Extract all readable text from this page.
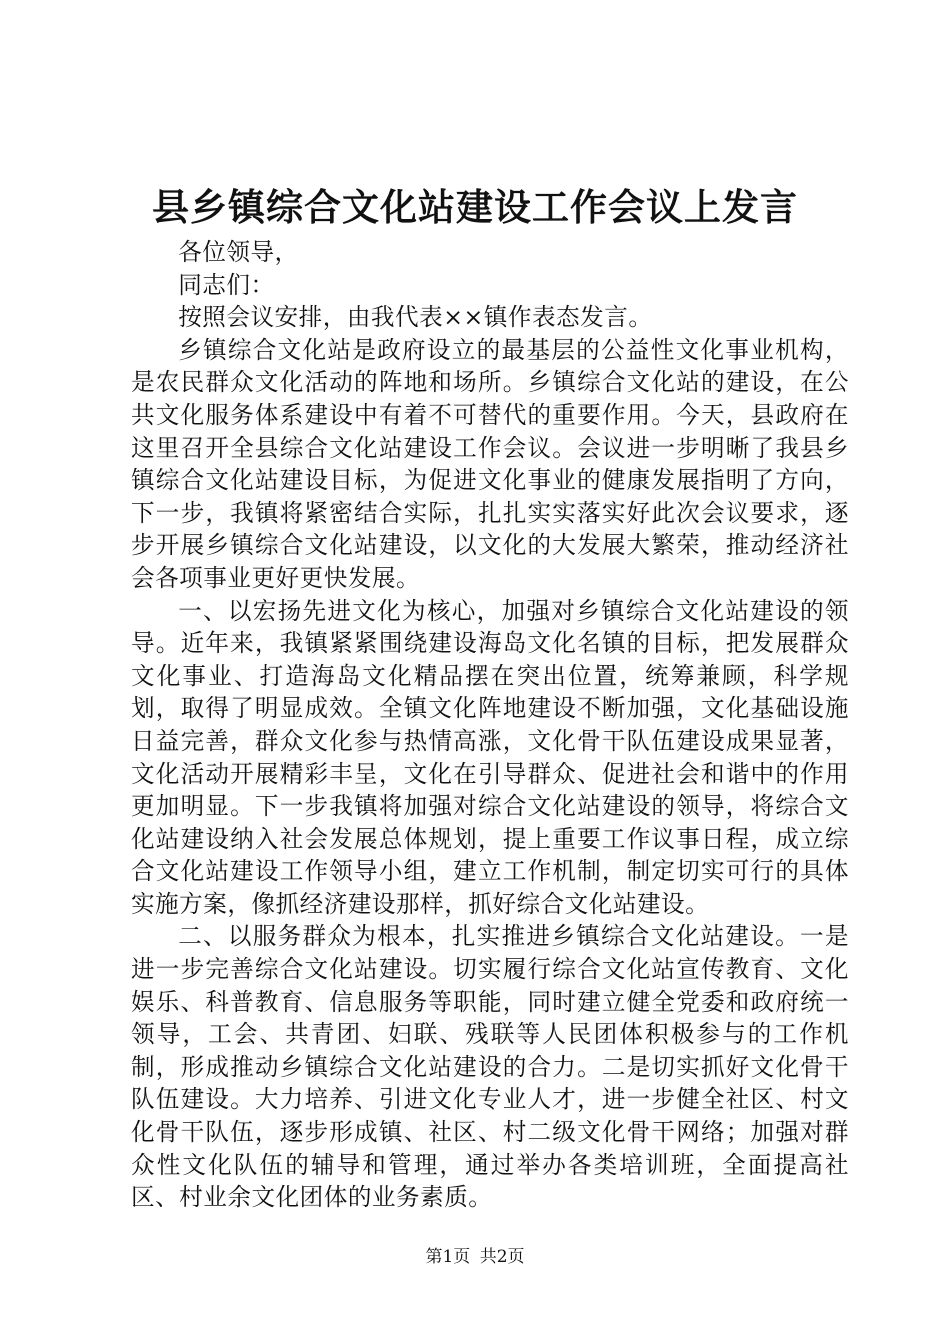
县乡镇综合文化站建设工作会议上发言

各位领导，

同志们：

按照会议安排，由我代表××镇作表态发言。

乡镇综合文化站是政府设立的最基层的公益性文化事业机构，是农民群众文化活动的阵地和场所。乡镇综合文化站的建设，在公共文化服务体系建设中有着不可替代的重要作用。今天，县政府在这里召开全县综合文化站建设工作会议。会议进一步明晰了我县乡镇综合文化站建设目标，为促进文化事业的健康发展指明了方向，下一步，我镇将紧密结合实际，扎扎实实落实好此次会议要求，逐步开展乡镇综合文化站建设，以文化的大发展大繁荣，推动经济社会各项事业更好更快发展。

一、以宏扬先进文化为核心，加强对乡镇综合文化站建设的领导。近年来，我镇紧紧围绕建设海岛文化名镇的目标，把发展群众文化事业、打造海岛文化精品摆在突出位置，统筹兼顾，科学规划，取得了明显成效。全镇文化阵地建设不断加强，文化基础设施日益完善，群众文化参与热情高涨，文化骨干队伍建设成果显著，文化活动开展精彩丰呈，文化在引导群众、促进社会和谐中的作用更加明显。下一步我镇将加强对综合文化站建设的领导，将综合文化站建设纳入社会发展总体规划，提上重要工作议事日程，成立综合文化站建设工作领导小组，建立工作机制，制定切实可行的具体实施方案，像抓经济建设那样，抓好综合文化站建设。

二、以服务群众为根本，扎实推进乡镇综合文化站建设。一是进一步完善综合文化站建设。切实履行综合文化站宣传教育、文化娱乐、科普教育、信息服务等职能，同时建立健全党委和政府统一领导，工会、共青团、妇联、残联等人民团体积极参与的工作机制，形成推动乡镇综合文化站建设的合力。二是切实抓好文化骨干队伍建设。大力培养、引进文化专业人才，进一步健全社区、村文化骨干队伍，逐步形成镇、社区、村二级文化骨干网络；加强对群众性文化队伍的辅导和管理，通过举办各类培训班，全面提高社区、村业余文化团体的业务素质。

第1页 共2页
